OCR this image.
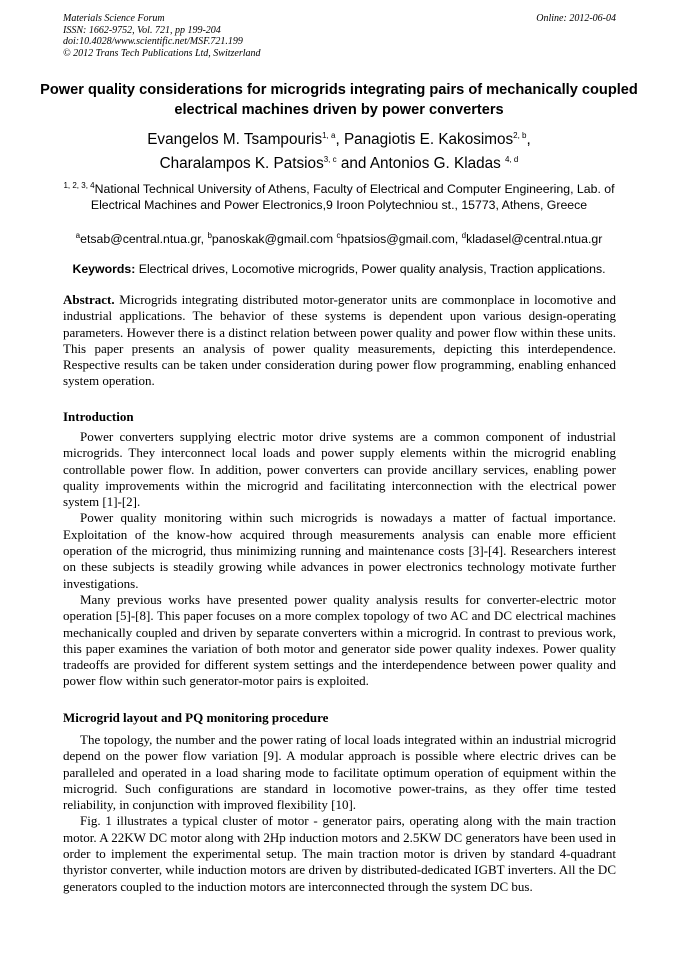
Materials Science Forum
ISSN: 1662-9752, Vol. 721, pp 199-204
doi:10.4028/www.scientific.net/MSF.721.199
© 2012 Trans Tech Publications Ltd, Switzerland
Online: 2012-06-04
Power quality considerations for microgrids integrating pairs of mechanically coupled electrical machines driven by power converters
Evangelos M. Tsampouris$^{1, a}$, Panagiotis E. Kakosimos$^{2, b}$,
Charalampos K. Patsios$^{3, c}$ and Antonios G. Kladas $^{4, d}$
$^{1, 2, 3, 4}$National Technical University of Athens, Faculty of Electrical and Computer Engineering, Lab. of Electrical Machines and Power Electronics,9 Iroon Polytechniou st., 15773, Athens, Greece
$^a$etsab@central.ntua.gr, $^b$panoskak@gmail.com $^c$hpatsios@gmail.com, $^d$kladasel@central.ntua.gr
Keywords: Electrical drives, Locomotive microgrids, Power quality analysis, Traction applications.

Abstract. Microgrids integrating distributed motor-generator units are commonplace in locomotive and industrial applications. The behavior of these systems is dependent upon various design-operating parameters. However there is a distinct relation between power quality and power flow within these units. This paper presents an analysis of power quality measurements, depicting this interdependence. Respective results can be taken under consideration during power flow programming, enabling enhanced system operation.

Introduction

Power converters supplying electric motor drive systems are a common component of industrial microgrids. They interconnect local loads and power supply elements within the microgrid enabling controllable power flow. In addition, power converters can provide ancillary services, enabling power quality improvements within the microgrid and facilitating interconnection with the electrical power system [1]-[2].

Power quality monitoring within such microgrids is nowadays a matter of factual importance. Exploitation of the know-how acquired through measurements analysis can enable more efficient operation of the microgrid, thus minimizing running and maintenance costs [3]-[4]. Researchers interest on these subjects is steadily growing while advances in power electronics technology motivate further investigations.

Many previous works have presented power quality analysis results for converter-electric motor operation [5]-[8]. This paper focuses on a more complex topology of two AC and DC electrical machines mechanically coupled and driven by separate converters within a microgrid. In contrast to previous work, this paper examines the variation of both motor and generator side power quality indexes. Power quality tradeoffs are provided for different system settings and the interdependence between power quality and power flow within such generator-motor pairs is exploited.

Microgrid layout and PQ monitoring procedure

The topology, the number and the power rating of local loads integrated within an industrial microgrid depend on the power flow variation [9]. A modular approach is possible where electric drives can be paralleled and operated in a load sharing mode to facilitate optimum operation of equipment within the microgrid. Such configurations are standard in locomotive power-trains, as they offer time tested reliability, in conjunction with improved flexibility [10].

Fig. 1 illustrates a typical cluster of motor - generator pairs, operating along with the main traction motor. A 22KW DC motor along with 2Hp induction motors and 2.5KW DC generators have been used in order to implement the experimental setup. The main traction motor is driven by standard 4-quadrant thyristor converter, while induction motors are driven by distributed-dedicated IGBT inverters. All the DC generators coupled to the induction motors are interconnected through the system DC bus.
